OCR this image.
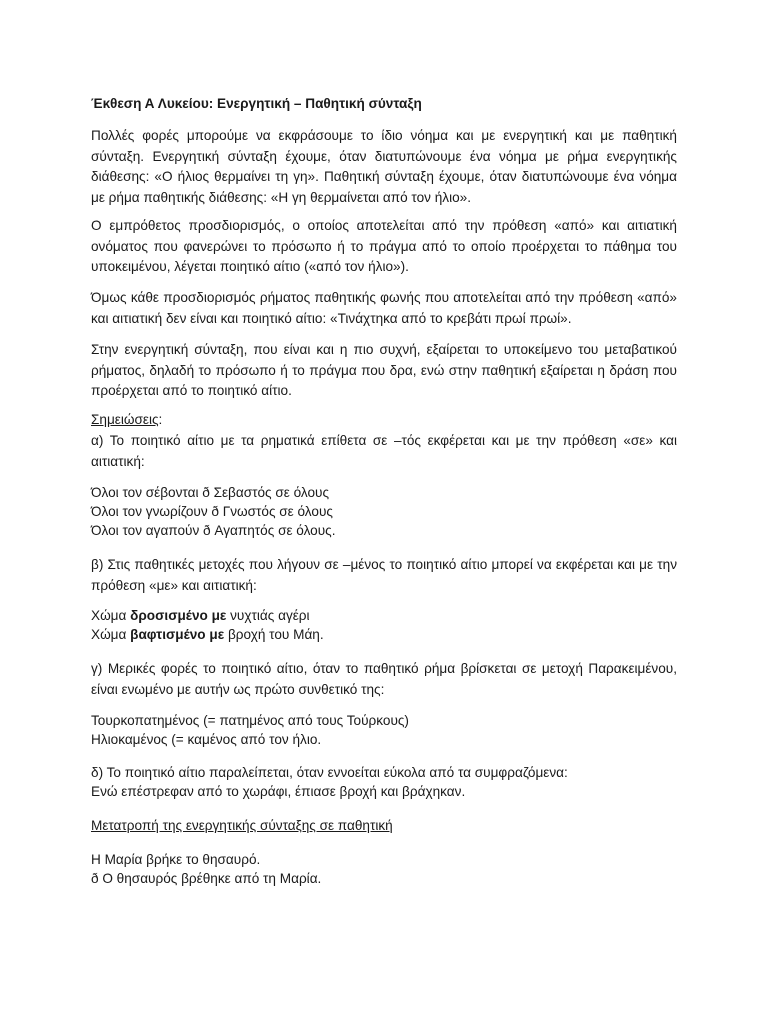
Έκθεση Α Λυκείου: Ενεργητική – Παθητική σύνταξη

Πολλές φορές μπορούμε να εκφράσουμε το ίδιο νόημα και με ενεργητική και με παθητική σύνταξη. Ενεργητική σύνταξη έχουμε, όταν διατυπώνουμε ένα νόημα με ρήμα ενεργητικής διάθεσης: «Ο ήλιος θερμαίνει τη γη». Παθητική σύνταξη έχουμε, όταν διατυπώνουμε ένα νόημα με ρήμα παθητικής διάθεσης: «Η γη θερμαίνεται από τον ήλιο».

Ο εμπρόθετος προσδιορισμός, ο οποίος αποτελείται από την πρόθεση «από» και αιτιατική ονόματος που φανερώνει το πρόσωπο ή το πράγμα από το οποίο προέρχεται το πάθημα του υποκειμένου, λέγεται ποιητικό αίτιο («από τον ήλιο»).

Όμως κάθε προσδιορισμός ρήματος παθητικής φωνής που αποτελείται από την πρόθεση «από» και αιτιατική δεν είναι και ποιητικό αίτιο: «Τινάχτηκα από το κρεβάτι πρωί πρωί».

Στην ενεργητική σύνταξη, που είναι και η πιο συχνή, εξαίρεται το υποκείμενο του μεταβατικού ρήματος, δηλαδή το πρόσωπο ή το πράγμα που δρα, ενώ στην παθητική εξαίρεται η δράση που προέρχεται από το ποιητικό αίτιο.

Σημειώσεις:

α) Το ποιητικό αίτιο με τα ρηματικά επίθετα σε –τός εκφέρεται και με την πρόθεση «σε» και αιτιατική:

Όλοι τον σέβονται ð Σεβαστός σε όλους

Όλοι τον γνωρίζουν ð Γνωστός σε όλους

Όλοι τον αγαπούν ð Αγαπητός σε όλους.

β) Στις παθητικές μετοχές που λήγουν σε –μένος το ποιητικό αίτιο μπορεί να εκφέρεται και με την πρόθεση «με» και αιτιατική:

Χώμα δροσισμένο με νυχτιάς αγέρι

Χώμα βαφτισμένο με βροχή του Μάη.

γ) Μερικές φορές το ποιητικό αίτιο, όταν το παθητικό ρήμα βρίσκεται σε μετοχή Παρακειμένου, είναι ενωμένο με αυτήν ως πρώτο συνθετικό της:

Τουρκοπατημένος (= πατημένος από τους Τούρκους)

Ηλιοκαμένος (= καμένος από τον ήλιο.

δ) Το ποιητικό αίτιο παραλείπεται, όταν εννοείται εύκολα από τα συμφραζόμενα:

Ενώ επέστρεφαν από το χωράφι, έπιασε βροχή και βράχηκαν.

Μετατροπή της ενεργητικής σύνταξης σε παθητική

Η Μαρία βρήκε το θησαυρό.

ð Ο θησαυρός βρέθηκε από τη Μαρία.
